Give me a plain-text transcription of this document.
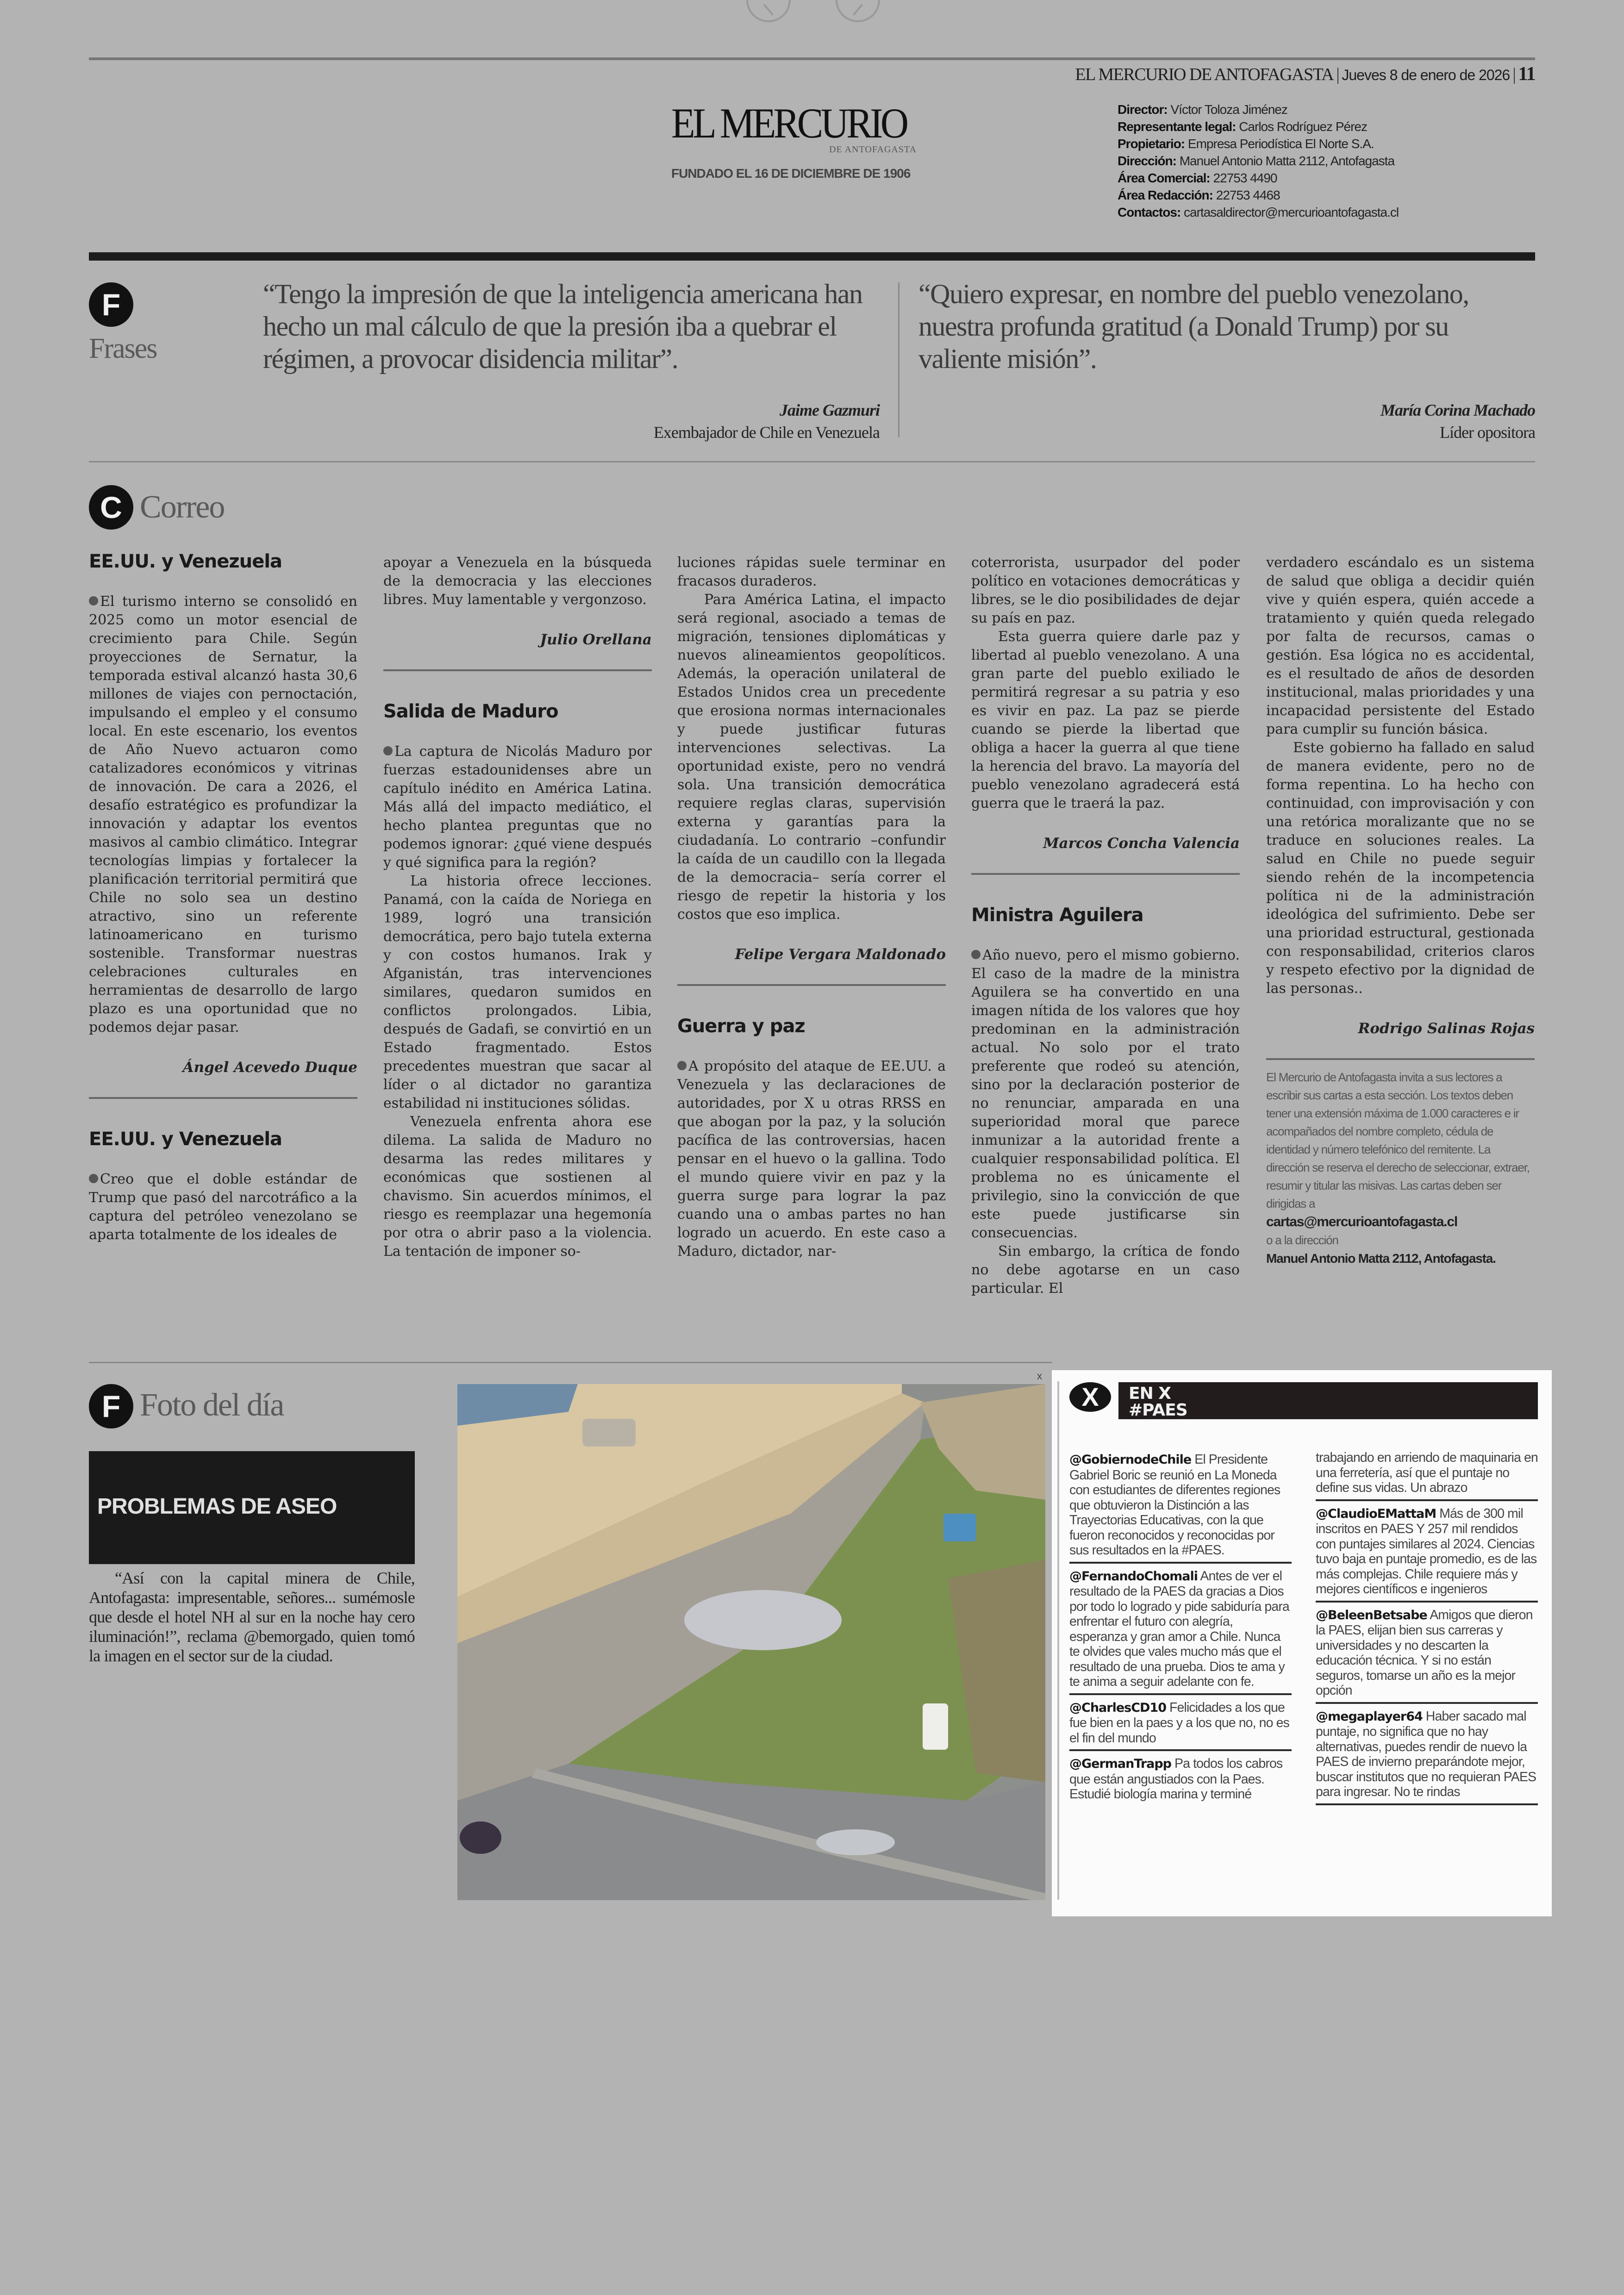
EL MERCURIO DE ANTOFAGASTA | Jueves 8 de enero de 2026 | 11
EL MERCURIO
DE ANTOFAGASTA
FUNDADO EL 16 DE DICIEMBRE DE 1906
Director: Víctor Toloza Jiménez
Representante legal: Carlos Rodríguez Pérez
Propietario: Empresa Periodística El Norte S.A.
Dirección: Manuel Antonio Matta 2112, Antofagasta
Área Comercial: 22753 4490
Área Redacción: 22753 4468
Contactos: cartasaldirector@mercurioantofagasta.cl
F
Frases
“Tengo la impresión de que la inteligencia americana han hecho un mal cálculo de que la presión iba a quebrar el régimen, a provocar disidencia militar”.
Jaime Gazmuri
Exembajador de Chile en Venezuela
“Quiero expresar, en nombre del pueblo venezolano, nuestra profunda gratitud (a Donald Trump) por su valiente misión”.
María Corina Machado
Líder opositora
C Correo
EE.UU. y Venezuela

El turismo interno se consolidó en 2025 como un motor esencial de crecimiento para Chile. Según proyecciones de Sernatur, la temporada estival alcanzó hasta 30,6 millones de viajes con pernoctación, impulsando el empleo y el consumo local. En este escenario, los eventos de Año Nuevo actuaron como catalizadores económicos y vitrinas de innovación. De cara a 2026, el desafío estratégico es profundizar la innovación y adaptar los eventos masivos al cambio climático. Integrar tecnologías limpias y fortalecer la planificación territorial permitirá que Chile no solo sea un destino atractivo, sino un referente latinoamericano en turismo sostenible. Transformar nuestras celebraciones culturales en herramientas de desarrollo de largo plazo es una oportunidad que no podemos dejar pasar.

Ángel Acevedo Duque
EE.UU. y Venezuela

Creo que el doble estándar de Trump que pasó del narcotráfico a la captura del petróleo venezolano se aparta totalmente de los ideales de

apoyar a Venezuela en la búsqueda de la democracia y las elecciones libres. Muy lamentable y vergonzoso.

Julio Orellana
Salida de Maduro

La captura de Nicolás Maduro por fuerzas estadounidenses abre un capítulo inédito en América Latina. Más allá del impacto mediático, el hecho plantea preguntas que no podemos ignorar: ¿qué viene después y qué significa para la región?

La historia ofrece lecciones. Panamá, con la caída de Noriega en 1989, logró una transición democrática, pero bajo tutela externa y con costos humanos. Irak y Afganistán, tras intervenciones similares, quedaron sumidos en conflictos prolongados. Libia, después de Gadafi, se convirtió en un Estado fragmentado. Estos precedentes muestran que sacar al líder o al dictador no garantiza estabilidad ni instituciones sólidas.

Venezuela enfrenta ahora ese dilema. La salida de Maduro no desarma las redes militares y económicas que sostienen al chavismo. Sin acuerdos mínimos, el riesgo es reemplazar una hegemonía por otra o abrir paso a la violencia. La tentación de imponer so-

luciones rápidas suele terminar en fracasos duraderos.

Para América Latina, el impacto será regional, asociado a temas de migración, tensiones diplomáticas y nuevos alineamientos geopolíticos. Además, la operación unilateral de Estados Unidos crea un precedente que erosiona normas internacionales y puede justificar futuras intervenciones selectivas. La oportunidad existe, pero no vendrá sola. Una transición democrática requiere reglas claras, supervisión externa y garantías para la ciudadanía. Lo contrario –confundir la caída de un caudillo con la llegada de la democracia– sería correr el riesgo de repetir la historia y los costos que eso implica.

Felipe Vergara Maldonado
Guerra y paz

A propósito del ataque de EE.UU. a Venezuela y las declaraciones de autoridades, por X u otras RRSS en que abogan por la paz, y la solución pacífica de las controversias, hacen pensar en el huevo o la gallina. Todo el mundo quiere vivir en paz y la guerra surge para lograr la paz cuando una o ambas partes no han logrado un acuerdo. En este caso a Maduro, dictador, nar-

coterrorista, usurpador del poder político en votaciones democráticas y libres, se le dio posibilidades de dejar su país en paz.

Esta guerra quiere darle paz y libertad al pueblo venezolano. A una gran parte del pueblo exiliado le permitirá regresar a su patria y eso es vivir en paz. La paz se pierde cuando se pierde la libertad que obliga a hacer la guerra al que tiene la herencia del bravo. La mayoría del pueblo venezolano agradecerá está guerra que le traerá la paz.

Marcos Concha Valencia
Ministra Aguilera

Año nuevo, pero el mismo gobierno. El caso de la madre de la ministra Aguilera se ha convertido en una imagen nítida de los valores que hoy predominan en la administración actual. No solo por el trato preferente que rodeó su atención, sino por la declaración posterior de no renunciar, amparada en una superioridad moral que parece inmunizar a la autoridad frente a cualquier responsabilidad política. El problema no es únicamente el privilegio, sino la convicción de que este puede justificarse sin consecuencias.

Sin embargo, la crítica de fondo no debe agotarse en un caso particular. El

verdadero escándalo es un sistema de salud que obliga a decidir quién vive y quién espera, quién accede a tratamiento y quién queda relegado por falta de recursos, camas o gestión. Esa lógica no es accidental, es el resultado de años de desorden institucional, malas prioridades y una incapacidad persistente del Estado para cumplir su función básica.

Este gobierno ha fallado en salud de manera evidente, pero no de forma repentina. Lo ha hecho con continuidad, con improvisación y con una retórica moralizante que no se traduce en soluciones reales. La salud en Chile no puede seguir siendo rehén de la incompetencia política ni de la administración ideológica del sufrimiento. Debe ser una prioridad estructural, gestionada con responsabilidad, criterios claros y respeto efectivo por la dignidad de las personas..

Rodrigo Salinas Rojas
El Mercurio de Antofagasta invita a sus lectores a escribir sus cartas a esta sección. Los textos deben tener una extensión máxima de 1.000 caracteres e ir acompañados del nombre completo, cédula de identidad y número telefónico del remitente. La dirección se reserva el derecho de seleccionar, extraer, resumir y titular las misivas. Las cartas deben ser dirigidas a
cartas@mercurioantofagasta.cl
o a la dirección
Manuel Antonio Matta 2112, Antofagasta.
F Foto del día
PROBLEMAS DE ASEO
“Así con la capital minera de Chile, Antofagasta: impresentable, señores... sumémosle que desde el hotel NH al sur en la noche hay cero iluminación!”, reclama @bemorgado, quien tomó la imagen en el sector sur de la ciudad.
x
X	EN X
#PAES
@GobiernodeChile El Presidente Gabriel Boric se reunió en La Moneda con estudiantes de diferentes regiones que obtuvieron la Distinción a las Trayectorias Educativas, con la que fueron reconocidos y reconocidas por sus resultados en la #PAES.
@FernandoChomali Antes de ver el resultado de la PAES da gracias a Dios por todo lo logrado y pide sabiduría para enfrentar el futuro con alegría, esperanza y gran amor a Chile. Nunca te olvides que vales mucho más que el resultado de una prueba. Dios te ama y te anima a seguir adelante con fe.
@CharlesCD10 Felicidades a los que fue bien en la paes y a los que no, no es el fin del mundo
@GermanTrapp Pa todos los cabros que están angustiados con la Paes. Estudié biología marina y terminé
trabajando en arriendo de maquinaria en una ferretería, así que el puntaje no define sus vidas. Un abrazo
@ClaudioEMattaM Más de 300 mil inscritos en PAES Y 257 mil rendidos con puntajes similares al 2024. Ciencias tuvo baja en puntaje promedio, es de las más complejas. Chile requiere más y mejores científicos e ingenieros
@BeleenBetsabe Amigos que dieron la PAES, elijan bien sus carreras y universidades y no descarten la educación técnica. Y si no están seguros, tomarse un año es la mejor opción
@megaplayer64 Haber sacado mal puntaje, no significa que no hay alternativas, puedes rendir de nuevo la PAES de invierno preparándote mejor, buscar institutos que no requieran PAES para ingresar. No te rindas
